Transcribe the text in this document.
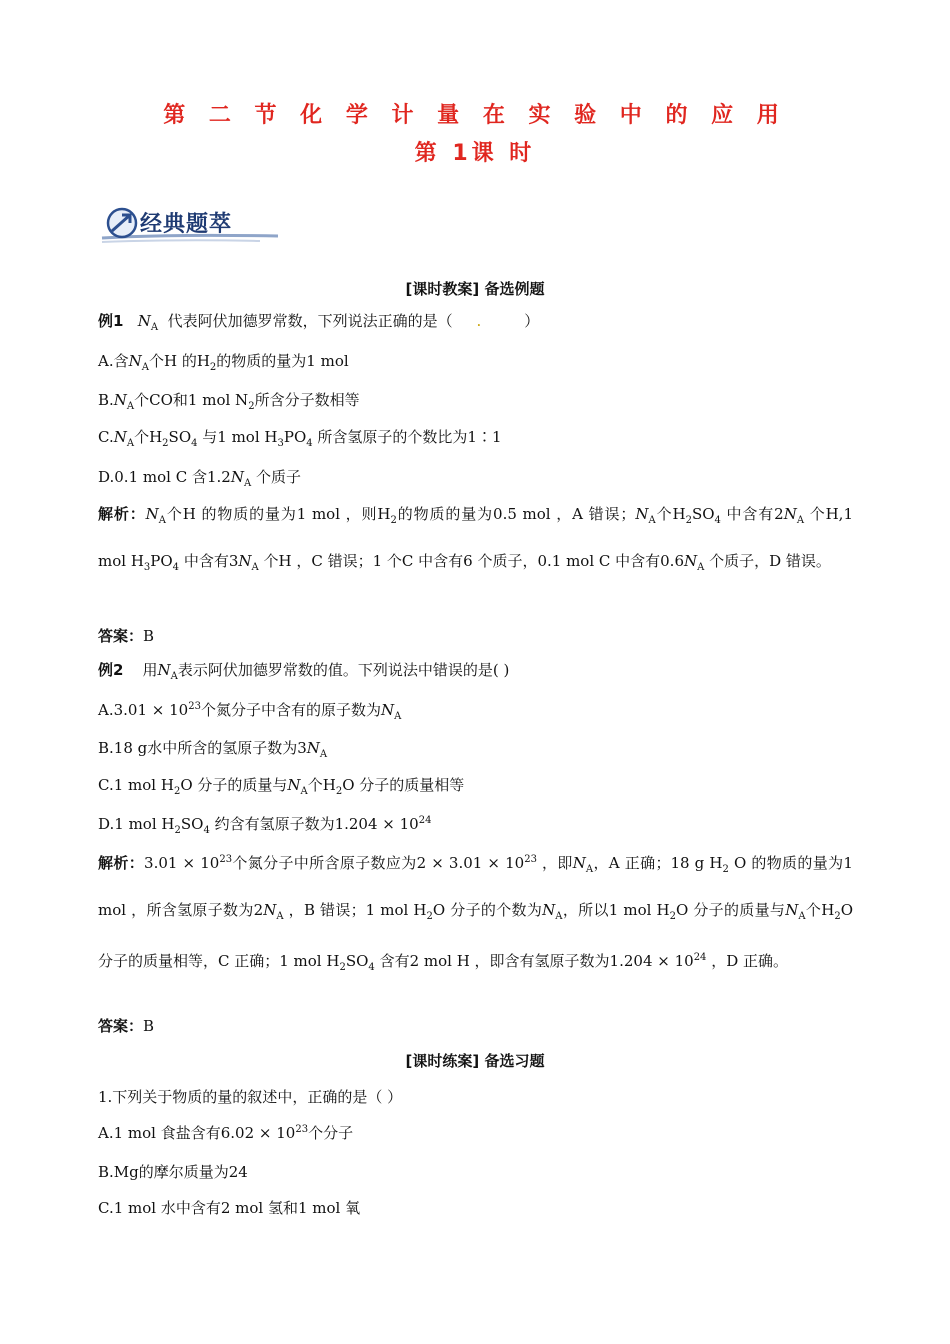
第 二 节 化 学 计 量 在 实 验 中 的 应 用
第 1课 时
经典题萃
[课时教案] 备选例题
例1 $N_A$ 代表阿伏加德罗常数，下列说法正确的是（ .	）
A.含$N_A$个H 的$H_2$的物质的量为1 mol
$B.N_A$个CO和1 mol $N_2$所含分子数相等
$C.N_A$个$H_2SO_4$ 与1 mol $H_3PO_4$ 所含氢原子的个数比为1∶1
D.0.1 mol C 含$1.2N_A$ 个质子
解析：$N_A$个H 的物质的量为1 mol ，则$H_2$的物质的量为0.5 mol ，A 错误；$N_A$个$H_2SO_4$ 中含有$2N_A$ 个H,1 mol $H_3PO_4$ 中含有$3N_A$ 个H ，C 错误；1 个C 中含有6 个质子，0.1 mol C 中含有$0.6N_A$ 个质子，D 错误。
答案：B
例2 用$N_A$表示阿伏加德罗常数的值。下列说法中错误的是( )
$A.3.01 \times 10^{23}$个氮分子中含有的原子数为$N_A$
B.18 g水中所含的氢原子数为$3N_A$
C.1 mol $H_2O$ 分子的质量与$N_A$个$H_2O$ 分子的质量相等
D.1 mol $H_2SO_4$ 约含有氢原子数为$1.204 \times 10^{24}$
解析：$3.01 \times 10^{23}$个氮分子中所含原子数应为$2 \times 3.01 \times 10^{23}$ ，即$N_A$，A 正确；18 g $H_2$ O 的物质的量为1 mol ，所含氢原子数为$2N_A$ ，B 错误；1 mol $H_2O$ 分子的个数为$N_A$，所以1 mol $H_2O$ 分子的质量与$N_A$个$H_2O$ 分子的质量相等，C 正确；1 mol $H_2SO_4$ 含有2 mol H ，即含有氢原子数为$1.204 \times 10^{24}$ ，D 正确。
答案：B
[课时练案] 备选习题
1.下列关于物质的量的叙述中，正确的是（ ）
A.1 mol 食盐含有$6.02 \times 10^{23}$个分子
B.Mg的摩尔质量为24
C.1 mol 水中含有2 mol 氢和1 mol 氧
